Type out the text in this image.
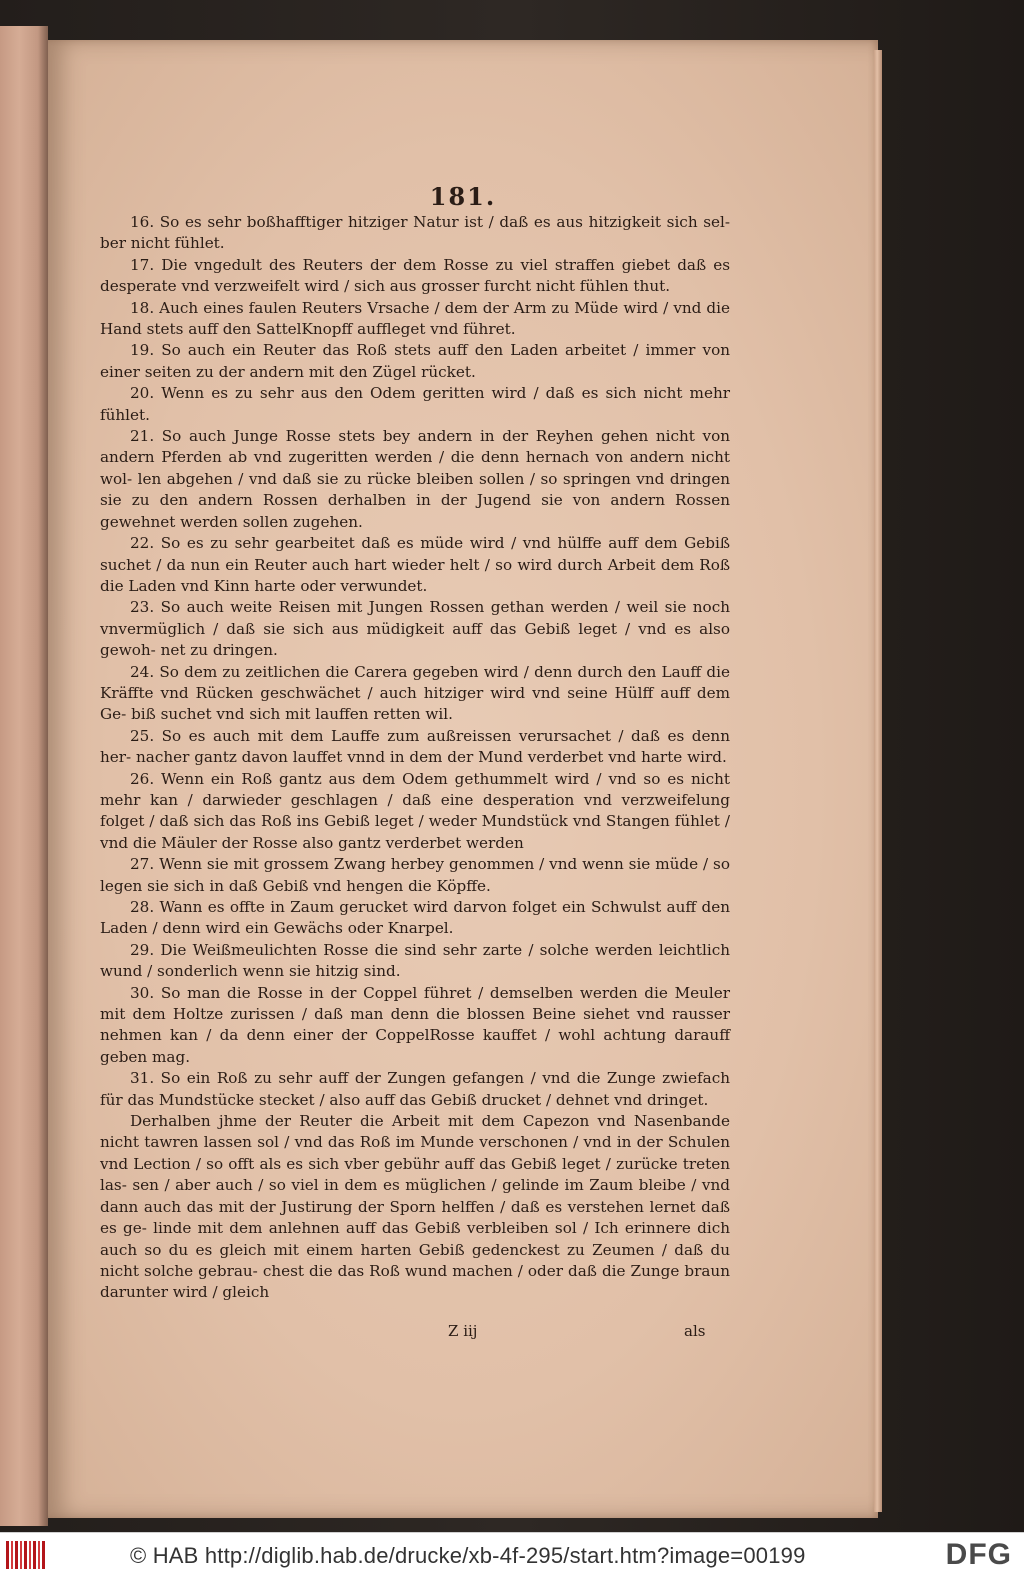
181.

16. So es sehr boßhafftiger hitziger Natur ist / daß es aus hitzigkeit sich sel- ber nicht fühlet.

17. Die vngedult des Reuters der dem Rosse zu viel straffen giebet daß es desperate vnd verzweifelt wird / sich aus grosser furcht nicht fühlen thut.

18. Auch eines faulen Reuters Vrsache / dem der Arm zu Müde wird / vnd die Hand stets auff den SattelKnopff auffleget vnd führet.

19. So auch ein Reuter das Roß stets auff den Laden arbeitet / immer von einer seiten zu der andern mit den Zügel rücket.

20. Wenn es zu sehr aus den Odem geritten wird / daß es sich nicht mehr fühlet.

21. So auch Junge Rosse stets bey andern in der Reyhen gehen nicht von andern Pferden ab vnd zugeritten werden / die denn hernach von andern nicht wol- len abgehen / vnd daß sie zu rücke bleiben sollen / so springen vnd dringen sie zu den andern Rossen derhalben in der Jugend sie von andern Rossen gewehnet werden sollen zugehen.

22. So es zu sehr gearbeitet daß es müde wird / vnd hülffe auff dem Gebiß suchet / da nun ein Reuter auch hart wieder helt / so wird durch Arbeit dem Roß die Laden vnd Kinn harte oder verwundet.

23. So auch weite Reisen mit Jungen Rossen gethan werden / weil sie noch vnvermüglich / daß sie sich aus müdigkeit auff das Gebiß leget / vnd es also gewoh- net zu dringen.

24. So dem zu zeitlichen die Carera gegeben wird / denn durch den Lauff die Kräffte vnd Rücken geschwächet / auch hitziger wird vnd seine Hülff auff dem Ge- biß suchet vnd sich mit lauffen retten wil.

25. So es auch mit dem Lauffe zum außreissen verursachet / daß es denn her- nacher gantz davon lauffet vnnd in dem der Mund verderbet vnd harte wird.

26. Wenn ein Roß gantz aus dem Odem gethummelt wird / vnd so es nicht mehr kan / darwieder geschlagen / daß eine desperation vnd verzweifelung folget / daß sich das Roß ins Gebiß leget / weder Mundstück vnd Stangen fühlet / vnd die Mäuler der Rosse also gantz verderbet werden

27. Wenn sie mit grossem Zwang herbey genommen / vnd wenn sie müde / so legen sie sich in daß Gebiß vnd hengen die Köpffe.

28. Wann es offte in Zaum gerucket wird darvon folget ein Schwulst auff den Laden / denn wird ein Gewächs oder Knarpel.

29. Die Weißmeulichten Rosse die sind sehr zarte / solche werden leichtlich wund / sonderlich wenn sie hitzig sind.

30. So man die Rosse in der Coppel führet / demselben werden die Meuler mit dem Holtze zurissen / daß man denn die blossen Beine siehet vnd rausser nehmen kan / da denn einer der CoppelRosse kauffet / wohl achtung darauff geben mag.

31. So ein Roß zu sehr auff der Zungen gefangen / vnd die Zunge zwiefach für das Mundstücke stecket / also auff das Gebiß drucket / dehnet vnd dringet.

Derhalben jhme der Reuter die Arbeit mit dem Capezon vnd Nasenbande nicht tawren lassen sol / vnd das Roß im Munde verschonen / vnd in der Schulen vnd Lection / so offt als es sich vber gebühr auff das Gebiß leget / zurücke treten las- sen / aber auch / so viel in dem es müglichen / gelinde im Zaum bleibe / vnd dann auch das mit der Justirung der Sporn helffen / daß es verstehen lernet daß es ge- linde mit dem anlehnen auff das Gebiß verbleiben sol / Ich erinnere dich auch so du es gleich mit einem harten Gebiß gedenckest zu Zeumen / daß du nicht solche gebrau- chest die das Roß wund machen / oder daß die Zunge braun darunter wird / gleich

Z iij	als
© HAB http://diglib.hab.de/drucke/xb-4f-295/start.htm?image=00199	DFG
